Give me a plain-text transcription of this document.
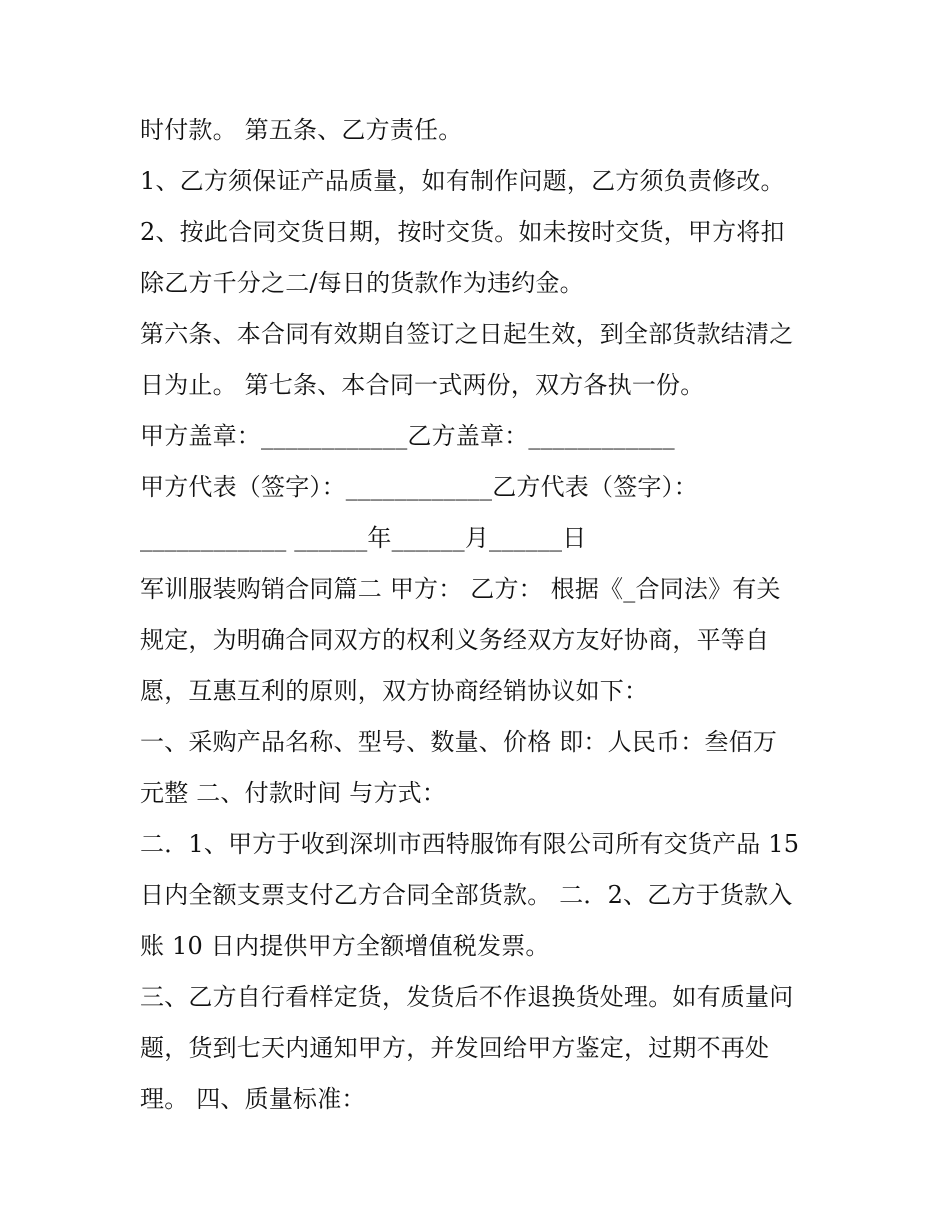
时付款。 第五条、乙方责任。
1、乙方须保证产品质量，如有制作问题，乙方须负责修改。
2、按此合同交货日期，按时交货。如未按时交货，甲方将扣
除乙方千分之二/每日的货款作为违约金。
第六条、本合同有效期自签订之日起生效，到全部货款结清之
日为止。 第七条、本合同一式两份，双方各执一份。
甲方盖章：____________乙方盖章：____________
甲方代表（签字）：____________乙方代表（签字）：
____________ ______年______月______日
军训服装购销合同篇二 甲方： 乙方： 根据《_合同法》有关
规定，为明确合同双方的权利义务经双方友好协商，平等自
愿，互惠互利的原则，双方协商经销协议如下：
一、采购产品名称、型号、数量、价格 即：人民币：叁佰万
元整 二、付款时间 与方式：
二．1、甲方于收到深圳市西特服饰有限公司所有交货产品 15
日内全额支票支付乙方合同全部货款。 二．2、乙方于货款入
账 10 日内提供甲方全额增值税发票。
三、乙方自行看样定货，发货后不作退换货处理。如有质量问
题，货到七天内通知甲方，并发回给甲方鉴定，过期不再处
理。 四、质量标准：
